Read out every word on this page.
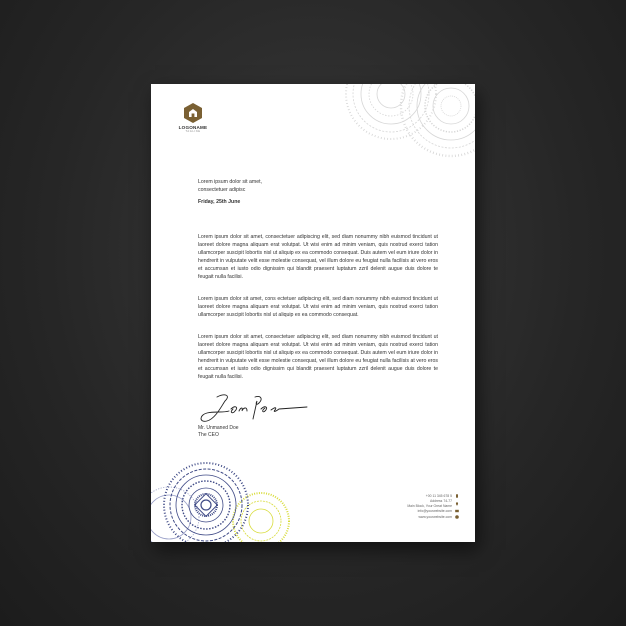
LOGONAME
TAGLINE
Lorem ipsum dolor sit amet,
consectetuer adipisc
Friday, 25th June
Lorem ipsum dolor sit amet, consectetuer adipiscing elit, sed diam nonummy nibh euismod tincidunt ut laoreet dolore magna aliquam erat volutpat. Ut wisi enim ad minim veniam, quis nostrud exerci tation ullamcorper suscipit lobortis nisl ut aliquip ex ea commodo consequat. Duis autem vel eum iriure dolor in hendrerit in vulputate velit esse molestie consequat, vel illum dolore eu feugiat nulla facilisis at vero eros et accumsan et iusto odio dignissim qui blandit praesent luptatum zzril delenit augue duis dolore te feugait nulla facilisi.
Lorem ipsum dolor sit amet, cons ectetuer adipiscing elit, sed diam nonummy nibh euismod tincidunt ut laoreet dolore magna aliquam erat volutpat. Ut wisi enim ad minim veniam, quis nostrud exerci tation ullamcorper suscipit lobortis nisl ut aliquip ex ea commodo consequat.
Lorem ipsum dolor sit amet, consectetuer adipiscing elit, sed diam nonummy nibh euismod tincidunt ut laoreet dolore magna aliquam erat volutpat. Ut wisi enim ad minim veniam, quis nostrud exerci tation ullamcorper suscipit lobortis nisl ut aliquip ex ea commodo consequat. Duis autem vel eum iriure dolor in hendrerit in vulputate velit esse molestie consequat, vel illum dolore eu feugiat nulla facilisis at vero eros et accumsan et iusto odio dignissim qui blandit praesent luptatum zzril delenit augue duis dolore te feugait nulla facilisi.
Mr. Unmaned Doe
The CEO
+00 11 345 678 5
Address 74-77
Main Block, Your Great Name
info@yourwebsite.com
www.yourwebsite.com
